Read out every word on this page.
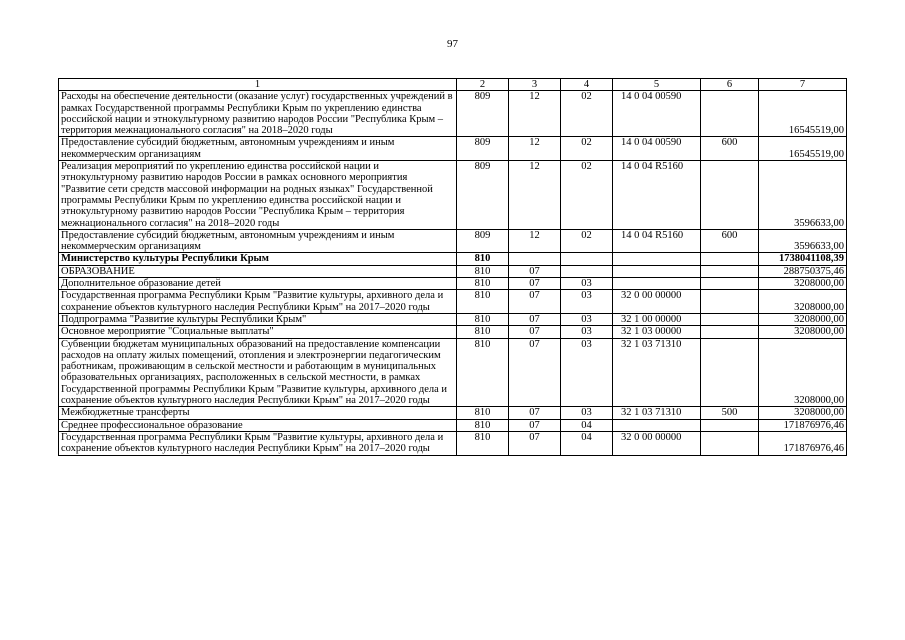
97
1	2	3	4	5	6	7
Расходы на обеспечение деятельности (оказание услуг) государственных учреждений в рамках Государственной программы Республики Крым по укреплению единства российской нации и этнокультурному развитию народов России "Республика Крым – территория межнационального согласия" на 2018–2020 годы	809	12	02	14 0 04 00590		16545519,00
Предоставление субсидий бюджетным, автономным учреждениям и иным некоммерческим организациям	809	12	02	14 0 04 00590	600	16545519,00
Реализация мероприятий по укреплению единства российской нации и этнокультурному развитию народов России в рамках основного мероприятия "Развитие сети средств массовой информации на родных языках" Государственной программы Республики Крым по укреплению единства российской нации и этнокультурному развитию народов России "Республика Крым – территория межнационального согласия" на 2018–2020 годы	809	12	02	14 0 04 R5160		3596633,00
Предоставление субсидий бюджетным, автономным учреждениям и иным некоммерческим организациям	809	12	02	14 0 04 R5160	600	3596633,00
Министерство культуры Республики Крым	810					1738041108,39
ОБРАЗОВАНИЕ	810	07				288750375,46
Дополнительное образование детей	810	07	03			3208000,00
Государственная программа Республики Крым "Развитие культуры, архивного дела и сохранение объектов культурного наследия Республики Крым" на 2017–2020 годы	810	07	03	32 0 00 00000		3208000,00
Подпрограмма "Развитие культуры Республики Крым"	810	07	03	32 1 00 00000		3208000,00
Основное мероприятие "Социальные выплаты"	810	07	03	32 1 03 00000		3208000,00
Субвенции бюджетам муниципальных образований на предоставление компенсации расходов на оплату жилых помещений, отопления и электроэнергии педагогическим работникам, проживающим в сельской местности и работающим в муниципальных образовательных организациях, расположенных в сельской местности, в рамках Государственной программы Республики Крым "Развитие культуры, архивного дела и сохранение объектов культурного наследия Республики Крым" на 2017–2020 годы	810	07	03	32 1 03 71310		3208000,00
Межбюджетные трансферты	810	07	03	32 1 03 71310	500	3208000,00
Среднее профессиональное образование	810	07	04			171876976,46
Государственная программа Республики Крым "Развитие культуры, архивного дела и сохранение объектов культурного наследия Республики Крым" на 2017–2020 годы	810	07	04	32 0 00 00000		171876976,46
